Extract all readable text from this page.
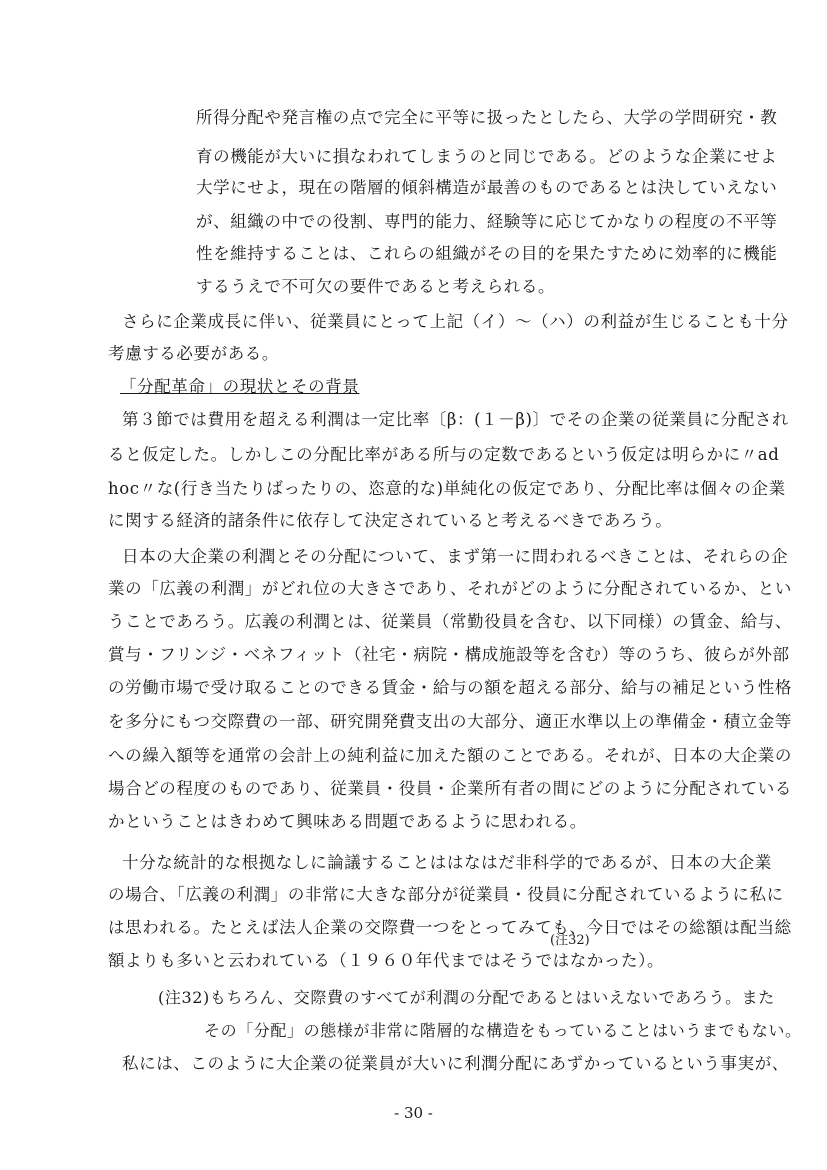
所得分配や発言権の点で完全に平等に扱ったとしたら、大学の学問研究・教
育の機能が大いに損なわれてしまうのと同じである。どのような企業にせよ
大学にせよ，現在の階層的傾斜構造が最善のものであるとは決していえない
が、組織の中での役割、専門的能力、経験等に応じてかなりの程度の不平等
性を維持することは、これらの組織がその目的を果たすために効率的に機能
するうえで不可欠の要件であると考えられる。
さらに企業成長に伴い、従業員にとって上記（イ）～（ハ）の利益が生じることも十分
考慮する必要がある。
「分配革命」の現状とその背景
第３節では費用を超える利潤は一定比率〔β：(１－β)〕でその企業の従業員に分配され
ると仮定した。しかしこの分配比率がある所与の定数であるという仮定は明らかに〃ad
hoc〃な(行き当たりばったりの、恣意的な)単純化の仮定であり、分配比率は個々の企業
に関する経済的諸条件に依存して決定されていると考えるべきであろう。
日本の大企業の利潤とその分配について、まず第一に問われるべきことは、それらの企
業の「広義の利潤」がどれ位の大きさであり、それがどのように分配されているか、とい
うことであろう。広義の利潤とは、従業員（常勤役員を含む、以下同様）の賃金、給与、
賞与・フリンジ・ベネフィット（社宅・病院・構成施設等を含む）等のうち、彼らが外部
の労働市場で受け取ることのできる賃金・給与の額を超える部分、給与の補足という性格
を多分にもつ交際費の一部、研究開発費支出の大部分、適正水準以上の準備金・積立金等
への繰入額等を通常の会計上の純利益に加えた額のことである。それが、日本の大企業の
場合どの程度のものであり、従業員・役員・企業所有者の間にどのように分配されている
かということはきわめて興味ある問題であるように思われる。
十分な統計的な根拠なしに論議することははなはだ非科学的であるが、日本の大企業
の場合、「広義の利潤」の非常に大きな部分が従業員・役員に分配されているように私に
は思われる。たとえば法人企業の交際費一つをとってみても、今日ではその総額は配当総
(注32)
額よりも多いと云われている（１９６０年代まではそうではなかった）。
(注32)もちろん、交際費のすべてが利潤の分配であるとはいえないであろう。また
その「分配」の態様が非常に階層的な構造をもっていることはいうまでもない。
私には、このように大企業の従業員が大いに利潤分配にあずかっているという事実が、
- 30 -
